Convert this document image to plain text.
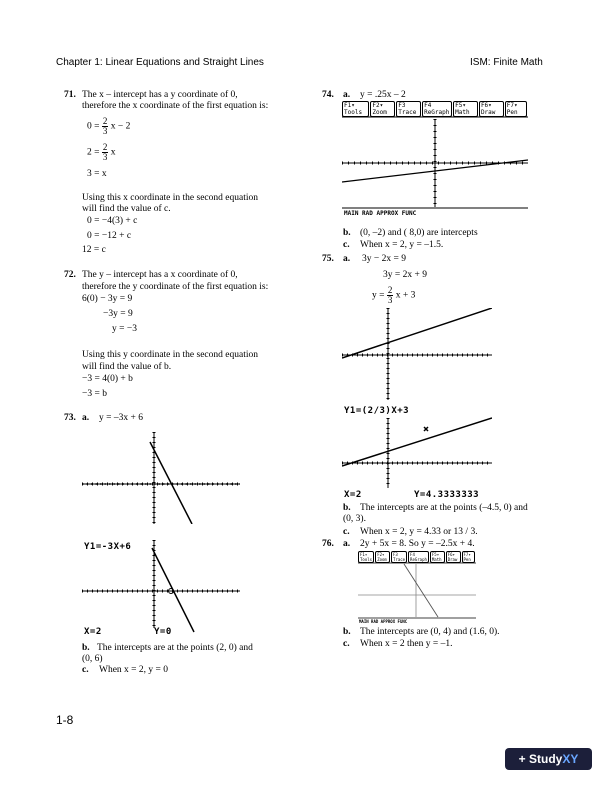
Chapter 1: Linear Equations and Straight Lines	ISM: Finite Math
71. The x – intercept has a y coordinate of 0,
therefore the x coordinate of the first equation is:
$0 = \frac{2}{3}$ x − 2
$2 = \frac{2}{3}$ x
3 = x
Using this x coordinate in the second equation
will find the value of c.
0 = −4(3) + c
0 = −12 + c
12 = c
72. The y – intercept has a x coordinate of 0,
therefore the y coordinate of the first equation is:
6(0) − 3y = 9
−3y = 9
y = −3
Using this y coordinate in the second equation
will find the value of b.
−3 = 4(0) + b
−3 = b
73. a. y = –3x + 6
Y1=-3X+6
X=2	Y=0
b. The intercepts are at the points (2, 0) and
(0, 6)
c. When x = 2, y = 0
74. a. y = .25x – 2
F1▾ Tools
F2▾ Zoom
F3 Trace
F4 ReGraph
F5▾ Math
F6▾ Draw
F7▾ Pen
MAIN RAD APPROX FUNC
b. (0, –2) and ( 8,0) are intercepts
c. When x = 2, y = –1.5.
75. a. 3y − 2x = 9
3y = 2x + 9
$y = \frac{2}{3}$ x + 3
Y1=(2/3)X+3
X=2	Y=4.3333333
b. The intercepts are at the points (–4.5, 0) and
(0, 3).
c. When x = 2, y = 4.33 or 13 / 3.
76. a. 2y + 5x = 8. So y = –2.5x + 4.
F1▾ Tools
F2▾ Zoom
F3 Trace
F4 ReGraph
F5▾ Math
F6▾ Draw
F7▾ Pen
MAIN RAD APPROX FUNC
b. The intercepts are (0, 4) and (1.6, 0).
c. When x = 2 then y = –1.
1-8
+ Study XY
